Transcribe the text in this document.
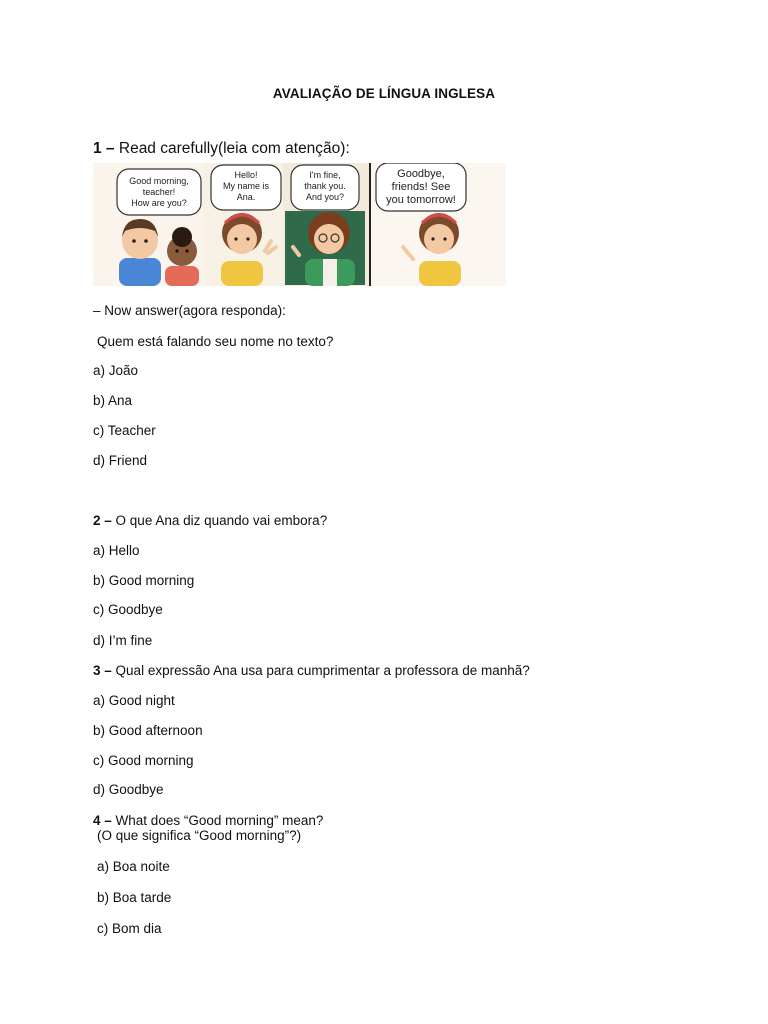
AVALIAÇÃO DE LÍNGUA INGLESA
1 – Read carefully(leia com atenção):
Good morning,
teacher!
How are you?
Hello!
My name is
Ana.
I'm fine,
thank you.
And you?
Goodbye,
friends! See
you tomorrow!
– Now answer(agora responda):
Quem está falando seu nome no texto?
a) João
b) Ana
c) Teacher
d) Friend
2 – O que Ana diz quando vai embora?
a) Hello
b) Good morning
c) Goodbye
d) I’m fine
3 – Qual expressão Ana usa para cumprimentar a professora de manhã?
a) Good night
b) Good afternoon
c) Good morning
d) Goodbye
4 – What does “Good morning” mean?
(O que significa “Good morning”?)
a) Boa noite
b) Boa tarde
c) Bom dia
